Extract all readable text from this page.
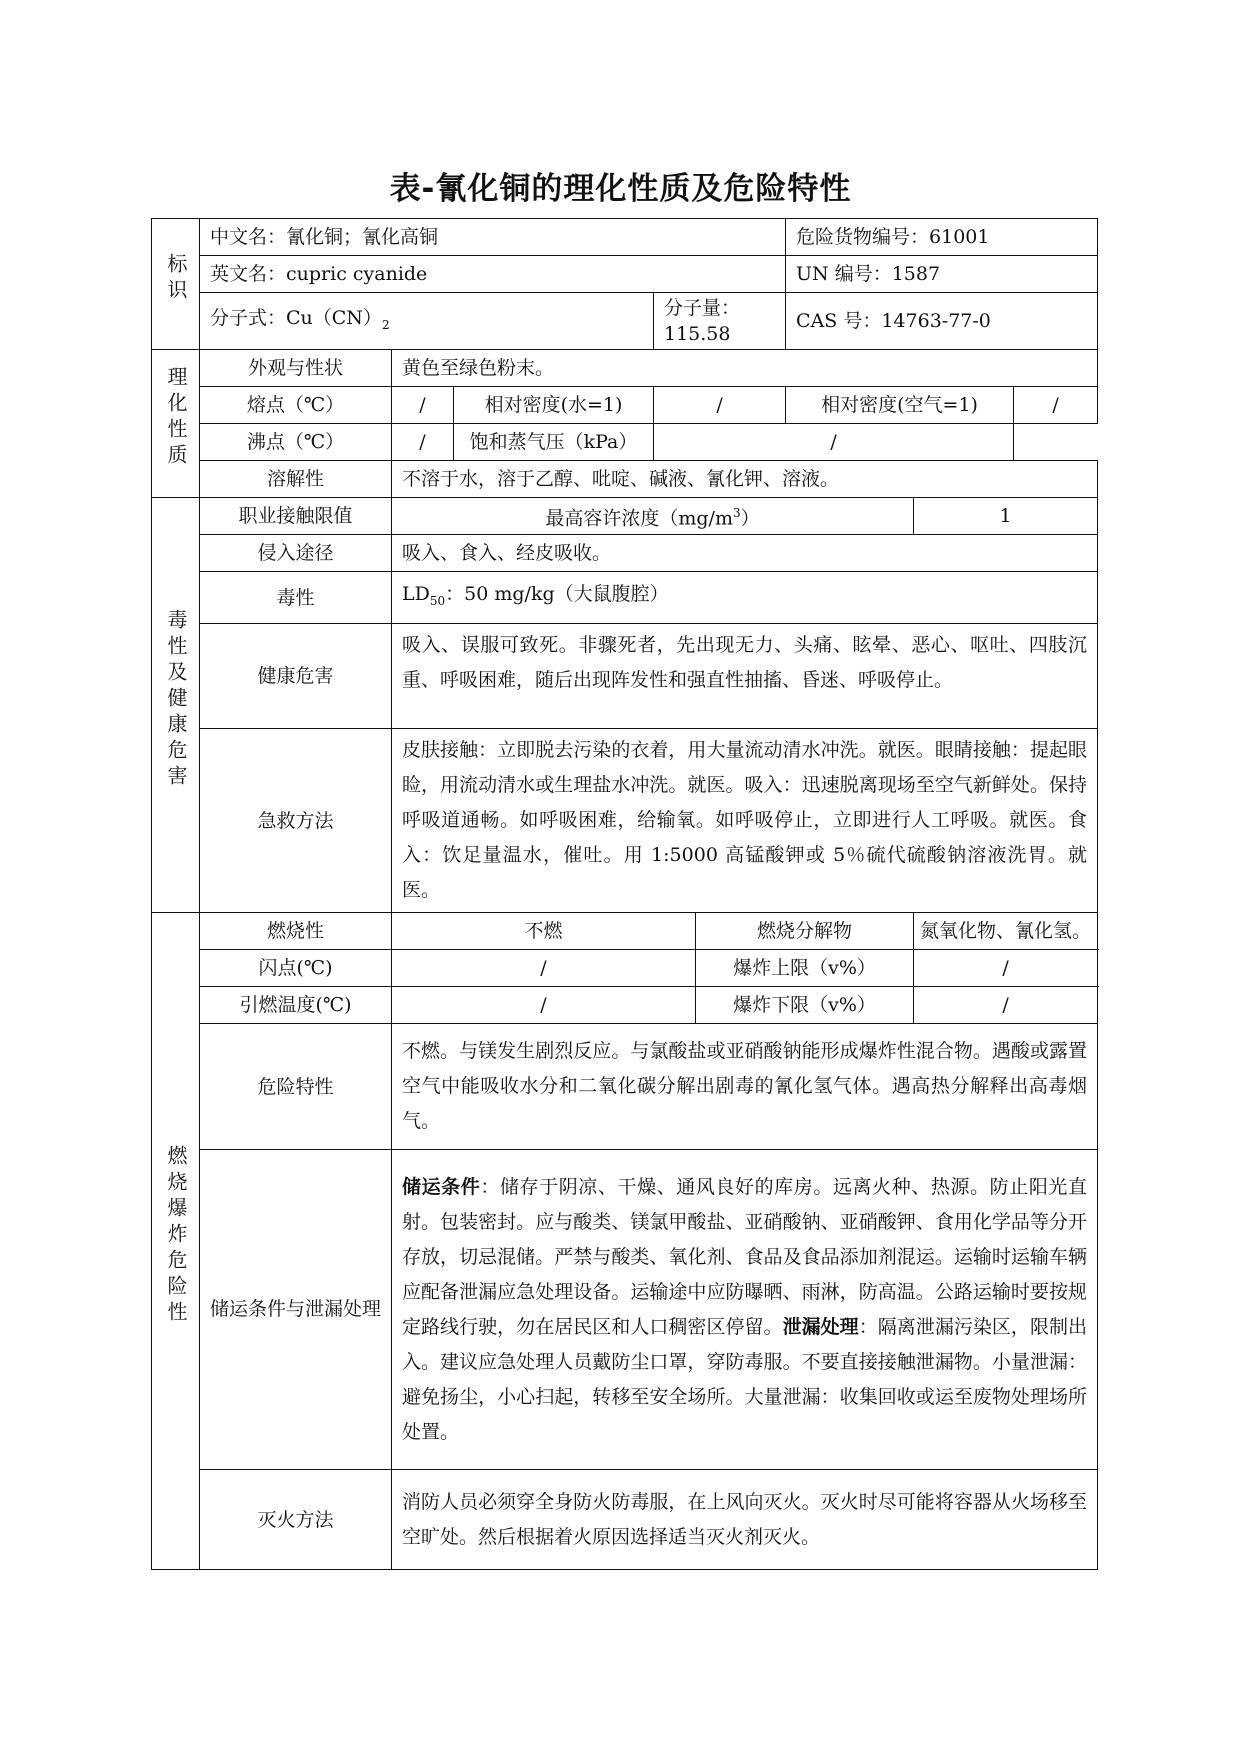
表-氰化铜的理化性质及危险特性
标识	中文名：氰化铜；氰化高铜					危险货物编号：61001		
	英文名：cupric cyanide					UN 编号：1587		
	分子式：$Cu(CN)_2$			分子量：115.58		CAS 号：14763-77-0		
理化性质	外观与性状	黄色至绿色粉末。						
	熔点（℃）	/	相对密度(水=1)	/		相对密度(空气=1)		/
	沸点（℃）	/	饱和蒸气压（kPa）	/				
	溶解性	不溶于水，溶于乙醇、吡啶、碱液、氰化钾、溶液。						
毒性及健康危害	职业接触限值	最高容许浓度$(mg/m^3)$					1	
	侵入途径	吸入、食入、经皮吸收。						
	毒性	$LD_{50}$：50 mg/kg（大鼠腹腔）						
	健康危害	吸入、误服可致死。非骤死者，先出现无力、头痛、眩晕、恶心、呕吐、四肢沉重、呼吸困难，随后出现阵发性和强直性抽搐、昏迷、呼吸停止。						
	急救方法	皮肤接触：立即脱去污染的衣着，用大量流动清水冲洗。就医。眼睛接触：提起眼睑，用流动清水或生理盐水冲洗。就医。吸入：迅速脱离现场至空气新鲜处。保持呼吸道通畅。如呼吸困难，给输氧。如呼吸停止，立即进行人工呼吸。就医。食入：饮足量温水，催吐。用 1:5000 高锰酸钾或 5％硫代硫酸钠溶液洗胃。就医。						
燃烧爆炸危险性	燃烧性	不燃			燃烧分解物		氮氧化物、氰化氢。	
	闪点(℃)	/			爆炸上限（v%）		/	
	引燃温度(℃)	/			爆炸下限（v%）		/	
	危险特性	不燃。与镁发生剧烈反应。与氯酸盐或亚硝酸钠能形成爆炸性混合物。遇酸或露置空气中能吸收水分和二氧化碳分解出剧毒的氰化氢气体。遇高热分解释出高毒烟气。						
	储运条件与泄漏处理	储运条件：储存于阴凉、干燥、通风良好的库房。远离火种、热源。防止阳光直射。包装密封。应与酸类、镁氯甲酸盐、亚硝酸钠、亚硝酸钾、食用化学品等分开存放，切忌混储。严禁与酸类、氧化剂、食品及食品添加剂混运。运输时运输车辆应配备泄漏应急处理设备。运输途中应防曝晒、雨淋，防高温。公路运输时要按规定路线行驶，勿在居民区和人口稠密区停留。泄漏处理：隔离泄漏污染区，限制出入。建议应急处理人员戴防尘口罩，穿防毒服。不要直接接触泄漏物。小量泄漏：避免扬尘，小心扫起，转移至安全场所。大量泄漏：收集回收或运至废物处理场所处置。						
	灭火方法	消防人员必须穿全身防火防毒服，在上风向灭火。灭火时尽可能将容器从火场移至空旷处。然后根据着火原因选择适当灭火剂灭火。						
